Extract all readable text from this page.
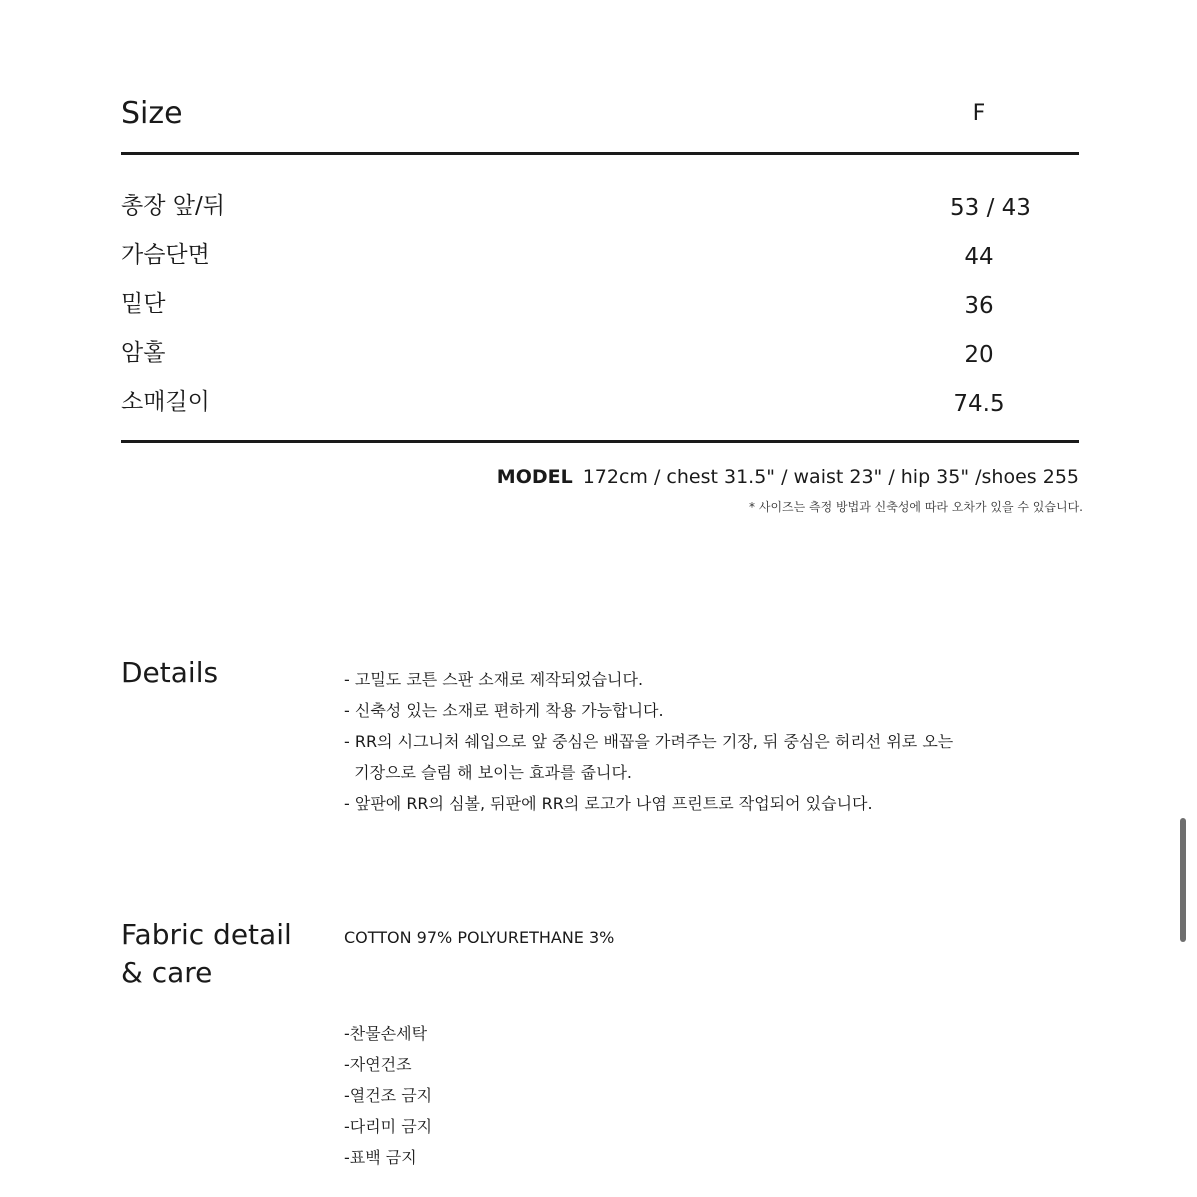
Size	F
총장 앞/뒤	53 / 43
가슴단면	44
밑단	36
암홀	20
소매길이	74.5
MODEL 172cm / chest 31.5" / waist 23" / hip 35" /shoes 255
* 사이즈는 측정 방법과 신축성에 따라 오차가 있을 수 있습니다.
Details	- 고밀도 코튼 스판 소재로 제작되었습니다.
- 신축성 있는 소재로 편하게 착용 가능합니다.
- RR의 시그니처 쉐입으로 앞 중심은 배꼽을 가려주는 기장, 뒤 중심은 허리선 위로 오는
기장으로 슬림 해 보이는 효과를 줍니다.
- 앞판에 RR의 심볼, 뒤판에 RR의 로고가 나염 프린트로 작업되어 있습니다.
Fabric detail
& care
COTTON 97% POLYURETHANE 3%
-찬물손세탁
-자연건조
-열건조 금지
-다리미 금지
-표백 금지
